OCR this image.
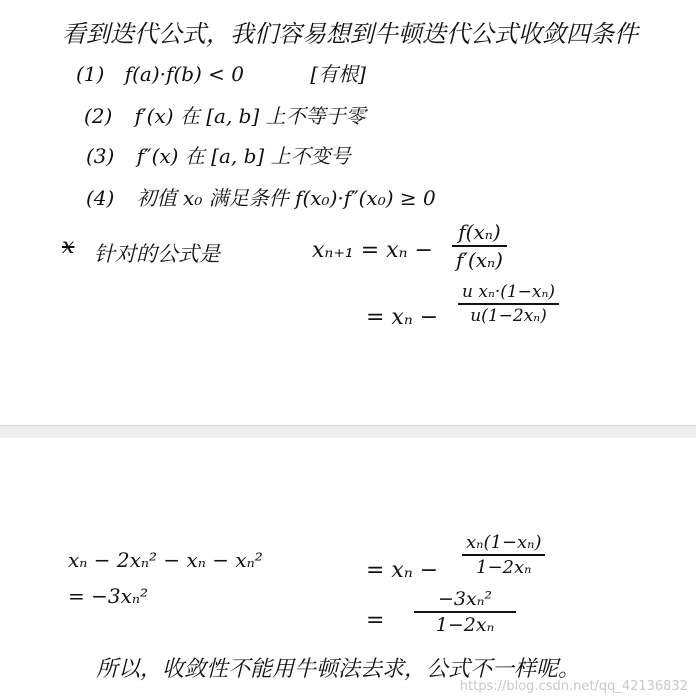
看到迭代公式，我们容易想到牛顿迭代公式收敛四条件
(1) f(a)·f(b) < 0	[有根]
(2) f′(x) 在 [a, b] 上不等于零
(3) f″(x) 在 [a, b] 上不变号
(4) 初值 x₀ 满足条件 f(x₀)·f″(x₀) ≥ 0
x 针对的公式是	xₙ₊₁ = xₙ −
f(xₙ)
f′(xₙ)
= xₙ −
u xₙ·(1−xₙ)
u(1−2xₙ)
xₙ − 2xₙ² − xₙ − xₙ²
= −3xₙ²
= xₙ −
xₙ(1−xₙ)
1−2xₙ
=
−3xₙ²
1−2xₙ
所以，收敛性不能用牛顿法去求，公式不一样呢。
https://blog.csdn.net/qq_42136832
